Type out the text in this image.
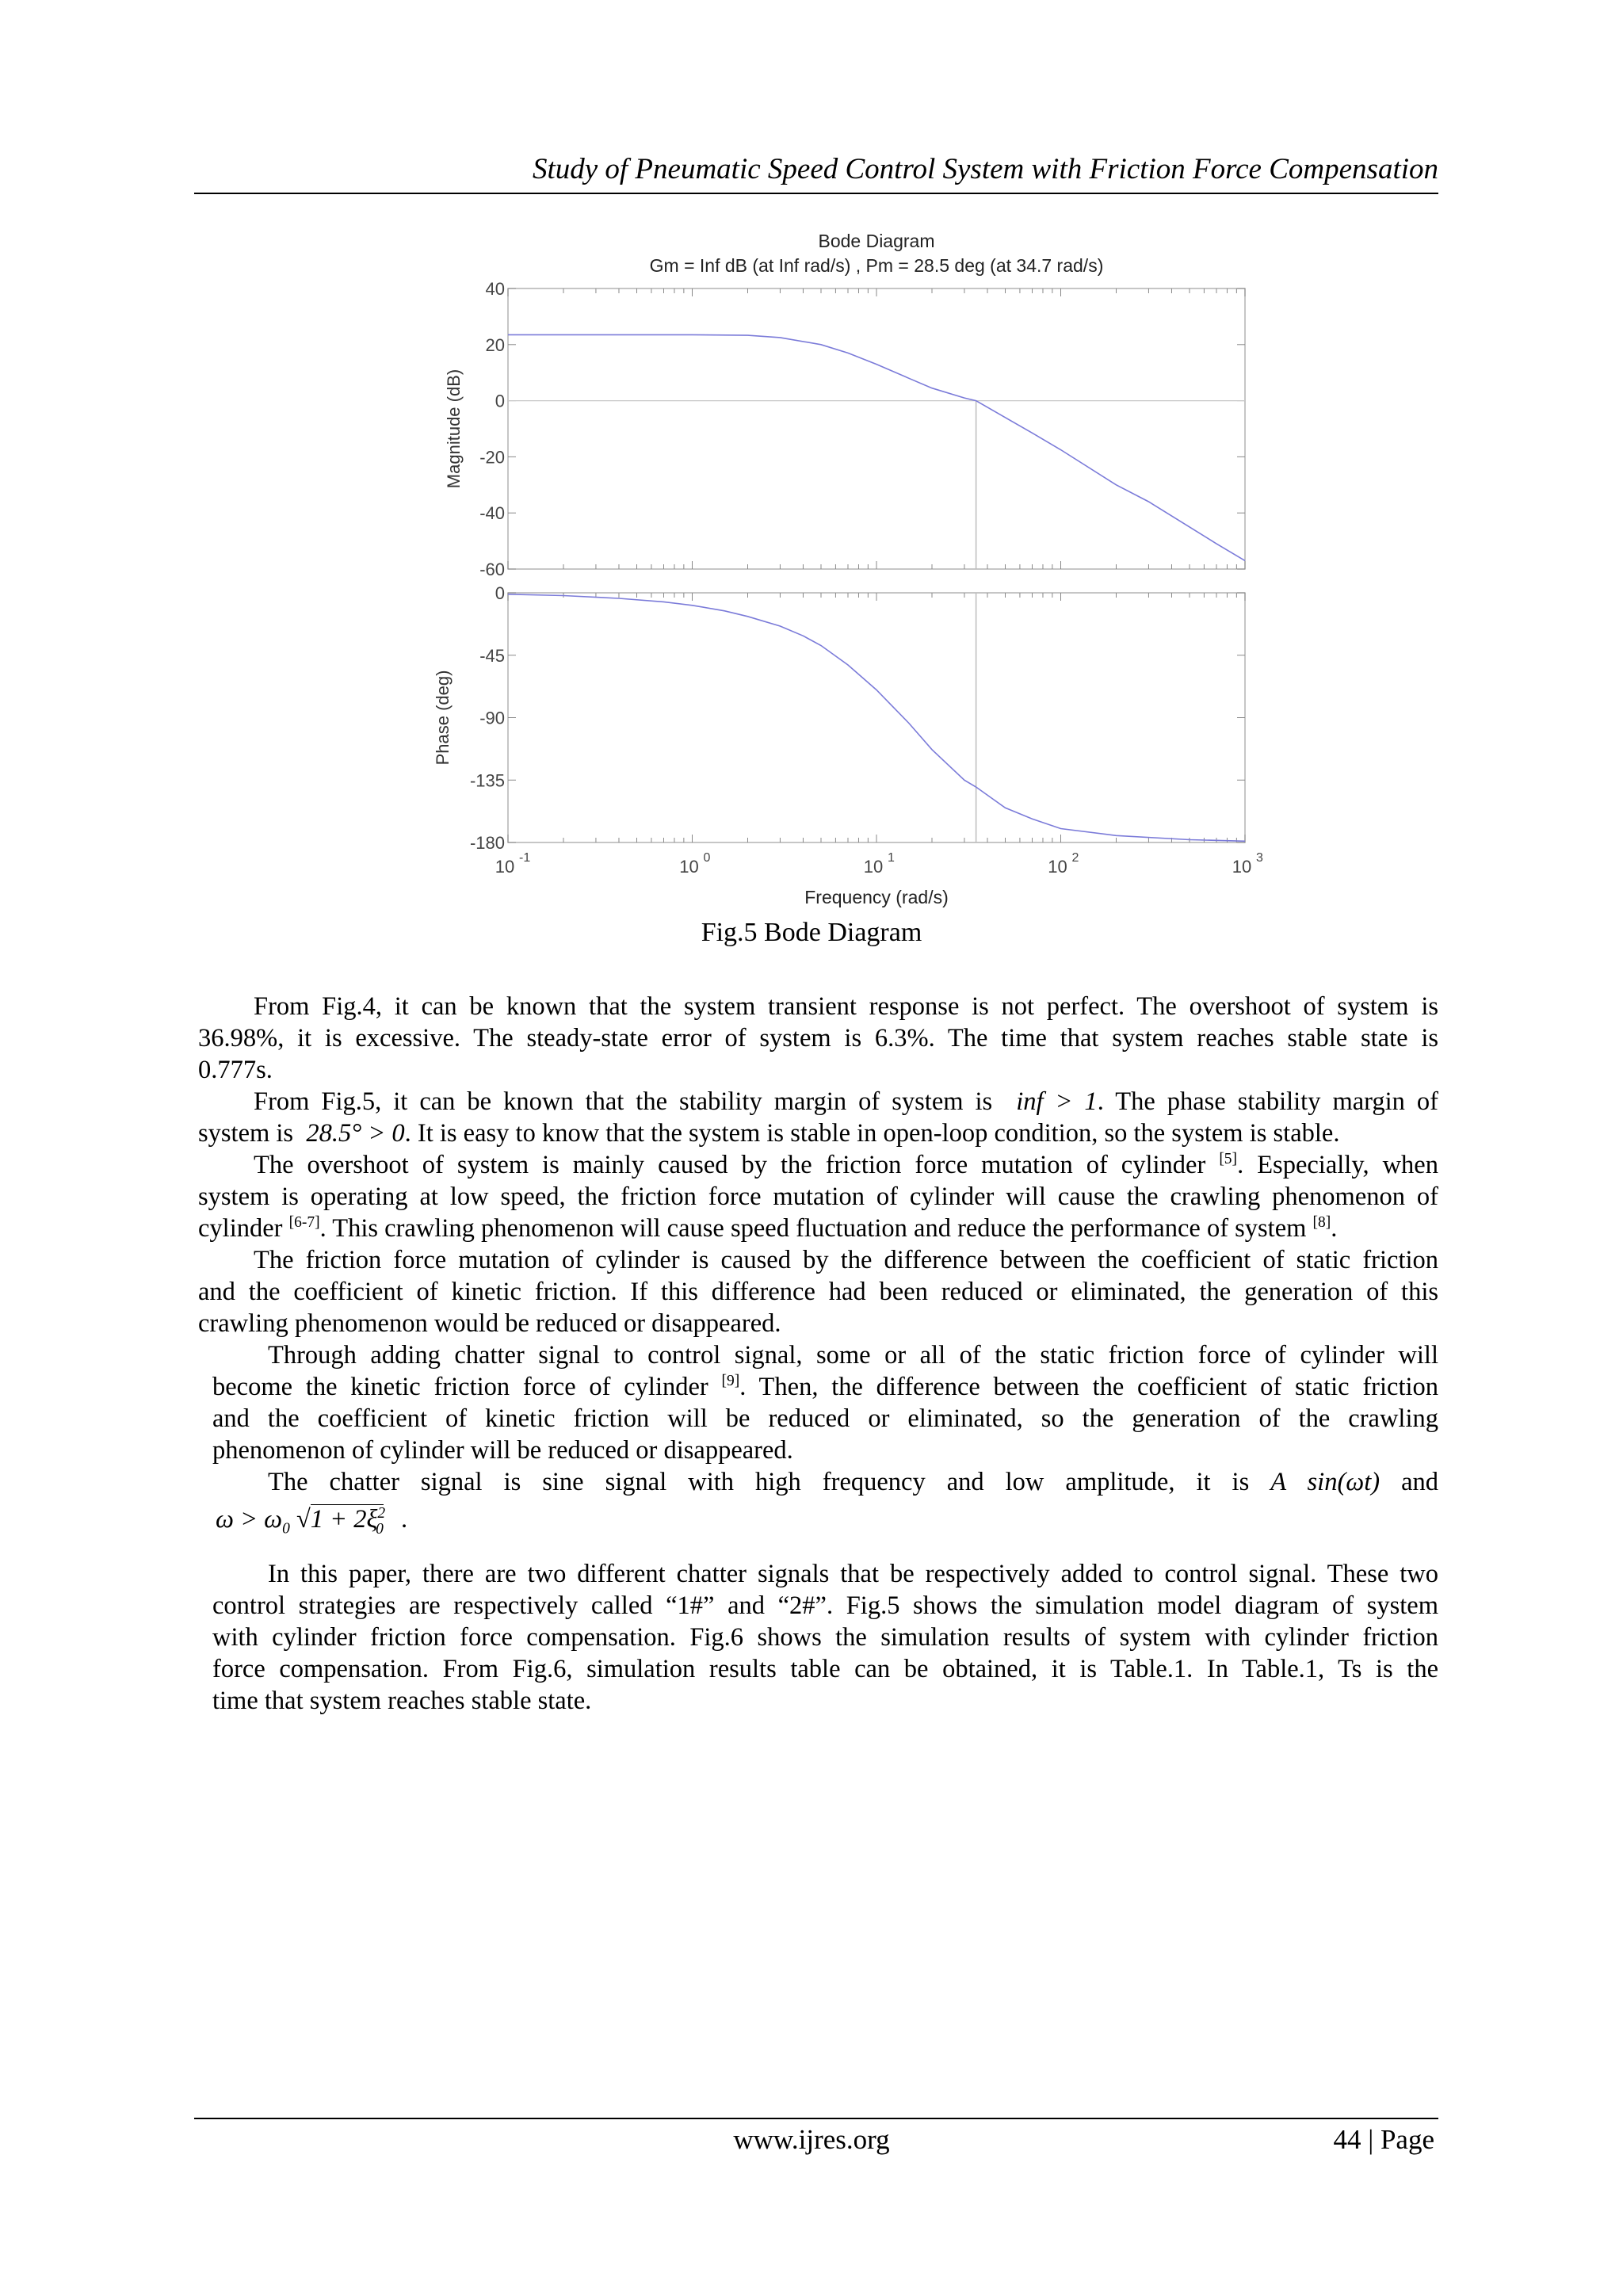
Study of Pneumatic Speed Control System with Friction Force Compensation
Bode Diagram
Gm = Inf dB (at Inf rad/s) , Pm = 28.5 deg (at 34.7 rad/s)
40
20
0
-20
-40
-60
Magnitude (dB)
0
-45
-90
-135
-180
Phase (deg)
10 -1	10 0	10 1	10 2	10 3
Frequency (rad/s)
Fig.5 Bode Diagram
From Fig.4, it can be known that the system transient response is not perfect. The overshoot of system is
36.98%, it is excessive. The steady-state error of system is 6.3%. The time that system reaches stable state is
0.777s.
From Fig.5, it can be known that the stability margin of system is inf > 1. The phase stability margin of
system is 28.5° > 0. It is easy to know that the system is stable in open-loop condition, so the system is stable.
The overshoot of system is mainly caused by the friction force mutation of cylinder [5]. Especially, when
system is operating at low speed, the friction force mutation of cylinder will cause the crawling phenomenon of
cylinder [6-7]. This crawling phenomenon will cause speed fluctuation and reduce the performance of system [8].
The friction force mutation of cylinder is caused by the difference between the coefficient of static friction
and the coefficient of kinetic friction. If this difference had been reduced or eliminated, the generation of this
crawling phenomenon would be reduced or disappeared.
Through adding chatter signal to control signal, some or all of the static friction force of cylinder will
become the kinetic friction force of cylinder [9]. Then, the difference between the coefficient of static friction
and the coefficient of kinetic friction will be reduced or eliminated, so the generation of the crawling
phenomenon of cylinder will be reduced or disappeared.
The chatter signal is sine signal with high frequency and low amplitude, it is A sin(ωt) and
$\omega > \omega_0$ $√1 + 2\xi^2_0$ .
In this paper, there are two different chatter signals that be respectively added to control signal. These two
control strategies are respectively called “1#” and “2#”. Fig.5 shows the simulation model diagram of system
with cylinder friction force compensation. Fig.6 shows the simulation results of system with cylinder friction
force compensation. From Fig.6, simulation results table can be obtained, it is Table.1. In Table.1, Ts is the
time that system reaches stable state.
www.ijres.org	44 | Page
